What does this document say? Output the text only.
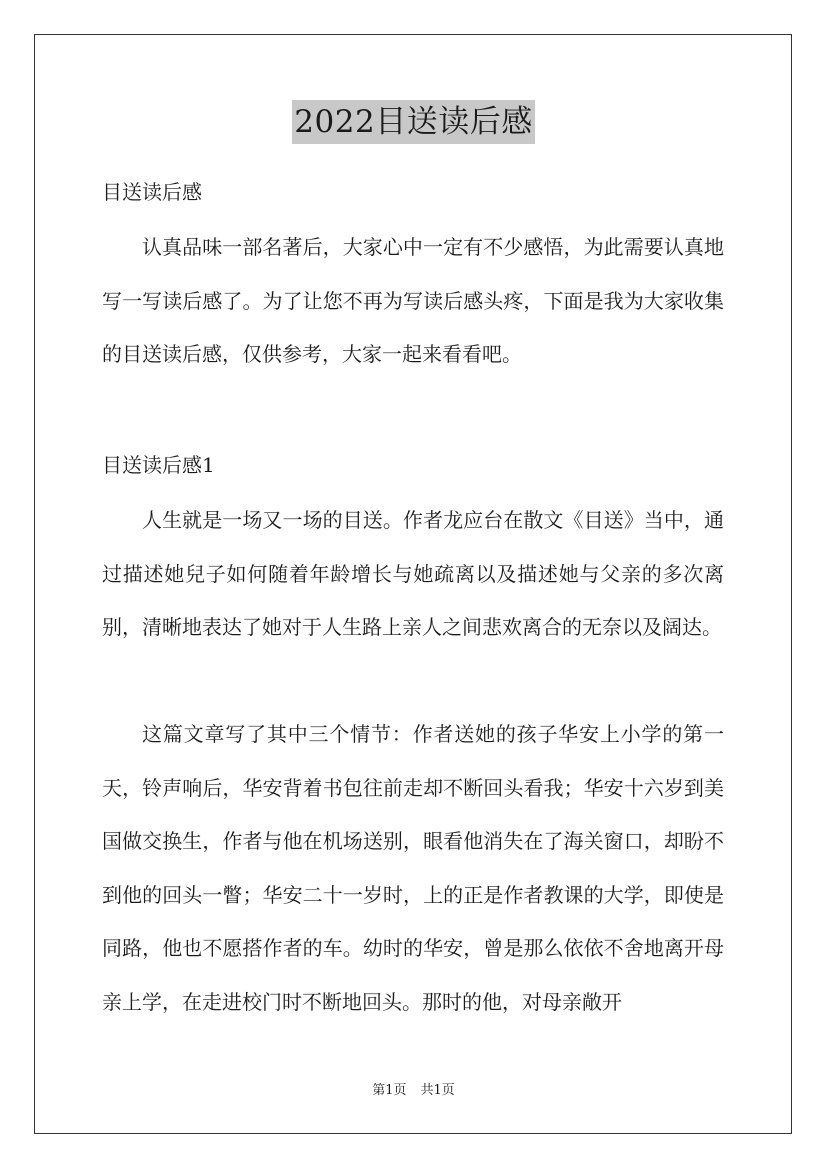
2022目送读后感
目送读后感

认真品味一部名著后，大家心中一定有不少感悟，为此需要认真地写一写读后感了。为了让您不再为写读后感头疼，下面是我为大家收集的目送读后感，仅供参考，大家一起来看看吧。

目送读后感1

人生就是一场又一场的目送。作者龙应台在散文《目送》当中，通过描述她兒子如何随着年龄增长与她疏离以及描述她与父亲的多次离别，清晰地表达了她对于人生路上亲人之间悲欢离合的无奈以及阔达。

这篇文章写了其中三个情节：作者送她的孩子华安上小学的第一天，铃声响后，华安背着书包往前走却不断回头看我；华安十六岁到美国做交换生，作者与他在机场送别，眼看他消失在了海关窗口，却盼不到他的回头一瞥；华安二十一岁时，上的正是作者教课的大学，即使是同路，他也不愿搭作者的车。幼时的华安，曾是那么依依不舍地离开母亲上学，在走进校门时不断地回头。那时的他，对母亲敞开

第1页 共1页
